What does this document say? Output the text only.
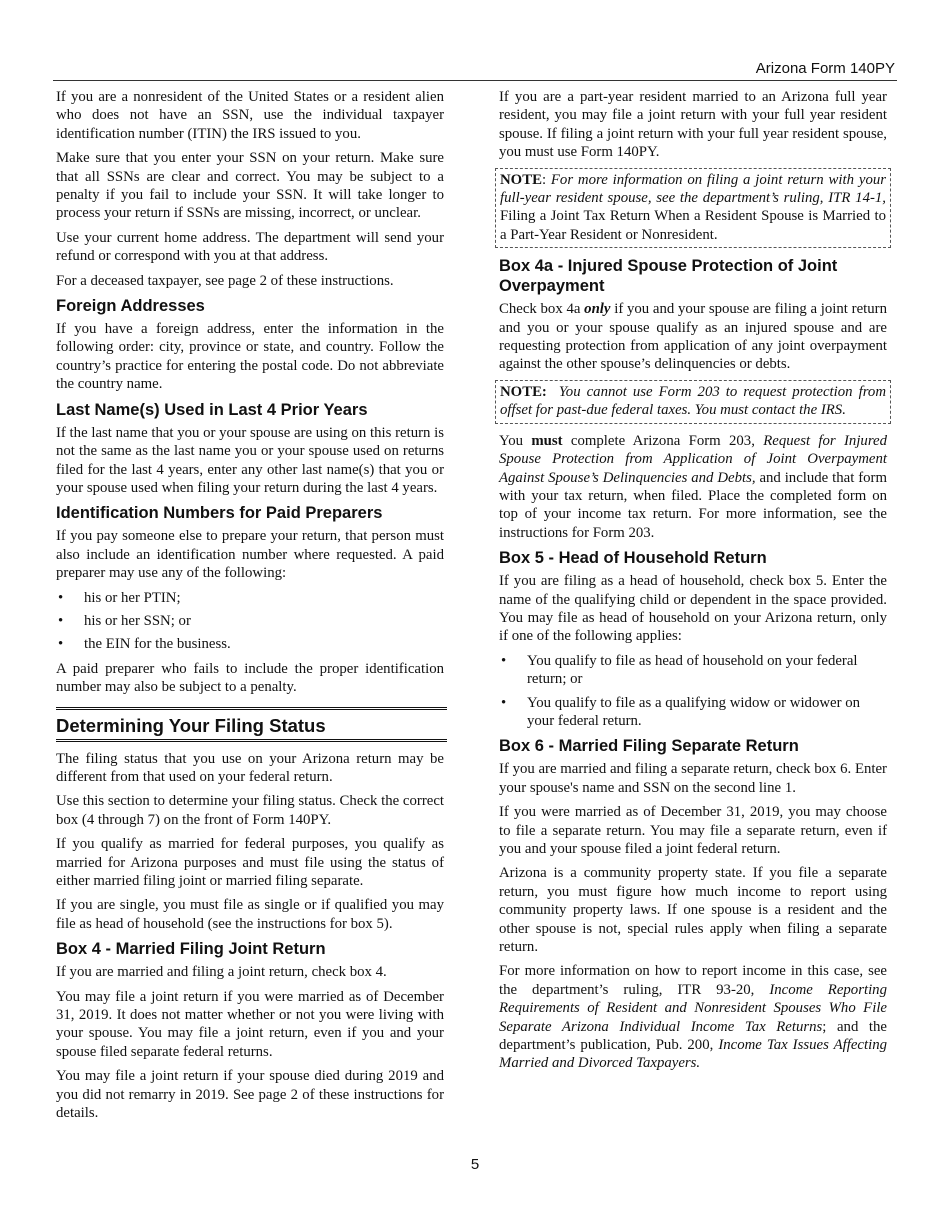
Arizona Form 140PY

If you are a nonresident of the United States or a resident alien who does not have an SSN, use the individual taxpayer identification number (ITIN) the IRS issued to you.

Make sure that you enter your SSN on your return. Make sure that all SSNs are clear and correct. You may be subject to a penalty if you fail to include your SSN. It will take longer to process your return if SSNs are missing, incorrect, or unclear.

Use your current home address. The department will send your refund or correspond with you at that address.

For a deceased taxpayer, see page 2 of these instructions.

Foreign Addresses

If you have a foreign address, enter the information in the following order: city, province or state, and country. Follow the country’s practice for entering the postal code. Do not abbreviate the country name.

Last Name(s) Used in Last 4 Prior Years

If the last name that you or your spouse are using on this return is not the same as the last name you or your spouse used on returns filed for the last 4 years, enter any other last name(s) that you or your spouse used when filing your return during the last 4 years.

Identification Numbers for Paid Preparers

If you pay someone else to prepare your return, that person must also include an identification number where requested. A paid preparer may use any of the following:

• his or her PTIN;
• his or her SSN; or
• the EIN for the business.

A paid preparer who fails to include the proper identification number may also be subject to a penalty.

Determining Your Filing Status

The filing status that you use on your Arizona return may be different from that used on your federal return.

Use this section to determine your filing status. Check the correct box (4 through 7) on the front of Form 140PY.

If you qualify as married for federal purposes, you qualify as married for Arizona purposes and must file using the status of either married filing joint or married filing separate.

If you are single, you must file as single or if qualified you may file as head of household (see the instructions for box 5).

Box 4 - Married Filing Joint Return

If you are married and filing a joint return, check box 4.

You may file a joint return if you were married as of December 31, 2019. It does not matter whether or not you were living with your spouse. You may file a joint return, even if you and your spouse filed separate federal returns.

You may file a joint return if your spouse died during 2019 and you did not remarry in 2019. See page 2 of these instructions for details.

If you are a part-year resident married to an Arizona full year resident, you may file a joint return with your full year resident spouse. If filing a joint return with your full year resident spouse, you must use Form 140PY.

NOTE: For more information on filing a joint return with your full-year resident spouse, see the department’s ruling, ITR 14-1, Filing a Joint Tax Return When a Resident Spouse is Married to a Part-Year Resident or Nonresident.
Box 4a - Injured Spouse Protection of Joint Overpayment

Check box 4a only if you and your spouse are filing a joint return and you or your spouse qualify as an injured spouse and are requesting protection from application of any joint overpayment against the other spouse’s delinquencies or debts.

NOTE: You cannot use Form 203 to request protection from offset for past-due federal taxes. You must contact the IRS.

You must complete Arizona Form 203, Request for Injured Spouse Protection from Application of Joint Overpayment Against Spouse’s Delinquencies and Debts, and include that form with your tax return, when filed. Place the completed form on top of your income tax return. For more information, see the instructions for Form 203.

Box 5 - Head of Household Return

If you are filing as a head of household, check box 5. Enter the name of the qualifying child or dependent in the space provided. You may file as head of household on your Arizona return, only if one of the following applies:

• You qualify to file as head of household on your federal return; or
• You qualify to file as a qualifying widow or widower on your federal return.
Box 6 - Married Filing Separate Return

If you are married and filing a separate return, check box 6. Enter your spouse's name and SSN on the second line 1.

If you were married as of December 31, 2019, you may choose to file a separate return. You may file a separate return, even if you and your spouse filed a joint federal return.

Arizona is a community property state. If you file a separate return, you must figure how much income to report using community property laws. If one spouse is a resident and the other spouse is not, special rules apply when filing a separate return.

For more information on how to report income in this case, see the department’s ruling, ITR 93-20, Income Reporting Requirements of Resident and Nonresident Spouses Who File Separate Arizona Individual Income Tax Returns; and the department’s publication, Pub. 200, Income Tax Issues Affecting Married and Divorced Taxpayers.

5
